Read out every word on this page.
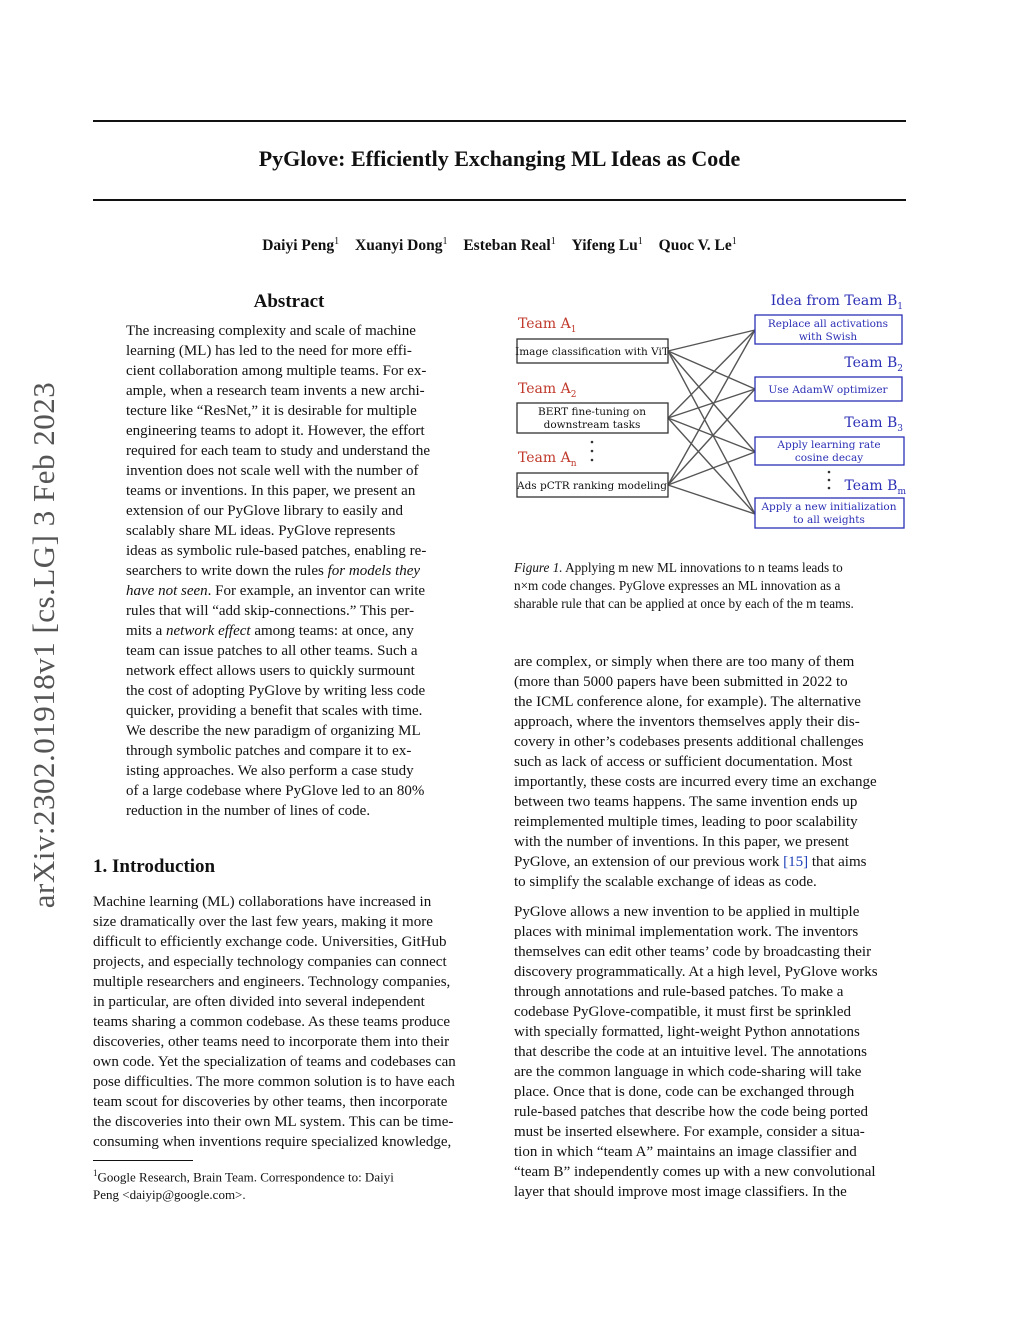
arXiv:2302.01918v1 [cs.LG] 3 Feb 2023
PyGlove: Efficiently Exchanging ML Ideas as Code
Daiyi Peng$^1$ Xuanyi Dong$^1$ Esteban Real$^1$ Yifeng Lu$^1$ Quoc V. Le$^1$
Abstract
The increasing complexity and scale of machine
learning (ML) has led to the need for more effi-
cient collaboration among multiple teams. For ex-
ample, when a research team invents a new archi-
tecture like “ResNet,” it is desirable for multiple
engineering teams to adopt it. However, the effort
required for each team to study and understand the
invention does not scale well with the number of
teams or inventions. In this paper, we present an
extension of our PyGlove library to easily and
scalably share ML ideas. PyGlove represents
ideas as symbolic rule-based patches, enabling re-
searchers to write down the rules for models they
have not seen. For example, an inventor can write
rules that will “add skip-connections.” This per-
mits a network effect among teams: at once, any
team can issue patches to all other teams. Such a
network effect allows users to quickly surmount
the cost of adopting PyGlove by writing less code
quicker, providing a benefit that scales with time.
We describe the new paradigm of organizing ML
through symbolic patches and compare it to ex-
isting approaches. We also perform a case study
of a large codebase where PyGlove led to an 80%
reduction in the number of lines of code.
1. Introduction
Machine learning (ML) collaborations have increased in
size dramatically over the last few years, making it more
difficult to efficiently exchange code. Universities, GitHub
projects, and especially technology companies can connect
multiple researchers and engineers. Technology companies,
in particular, are often divided into several independent
teams sharing a common codebase. As these teams produce
discoveries, other teams need to incorporate them into their
own code. Yet the specialization of teams and codebases can
pose difficulties. The more common solution is to have each
team scout for discoveries by other teams, then incorporate
the discoveries into their own ML system. This can be time-
consuming when inventions require specialized knowledge,
$^1$Google Research, Brain Team. Correspondence to: Daiyi
Peng <daiyip@google.com>.
Team $A_1$
Team $A_2$
Team $A_n$
Image classification with ViT
BERT fine-tuning on
downstream tasks
Ads pCTR ranking modeling
Idea from Team $B_1$
Team $B_2$
Team $B_3$
Team $B_m$
Replace all activations
with Swish
Use AdamW optimizer
Apply learning rate
cosine decay
Apply a new initialization
to all weights
Figure 1. Applying m new ML innovations to n teams leads to
n×m code changes. PyGlove expresses an ML innovation as a
sharable rule that can be applied at once by each of the m teams.
are complex, or simply when there are too many of them
(more than 5000 papers have been submitted in 2022 to
the ICML conference alone, for example). The alternative
approach, where the inventors themselves apply their dis-
covery in other’s codebases presents additional challenges
such as lack of access or sufficient documentation. Most
importantly, these costs are incurred every time an exchange
between two teams happens. The same invention ends up
reimplemented multiple times, leading to poor scalability
with the number of inventions. In this paper, we present
PyGlove, an extension of our previous work [15] that aims
to simplify the scalable exchange of ideas as code.
PyGlove allows a new invention to be applied in multiple
places with minimal implementation work. The inventors
themselves can edit other teams’ code by broadcasting their
discovery programmatically. At a high level, PyGlove works
through annotations and rule-based patches. To make a
codebase PyGlove-compatible, it must first be sprinkled
with specially formatted, light-weight Python annotations
that describe the code at an intuitive level. The annotations
are the common language in which code-sharing will take
place. Once that is done, code can be exchanged through
rule-based patches that describe how the code being ported
must be inserted elsewhere. For example, consider a situa-
tion in which “team A” maintains an image classifier and
“team B” independently comes up with a new convolutional
layer that should improve most image classifiers. In the
